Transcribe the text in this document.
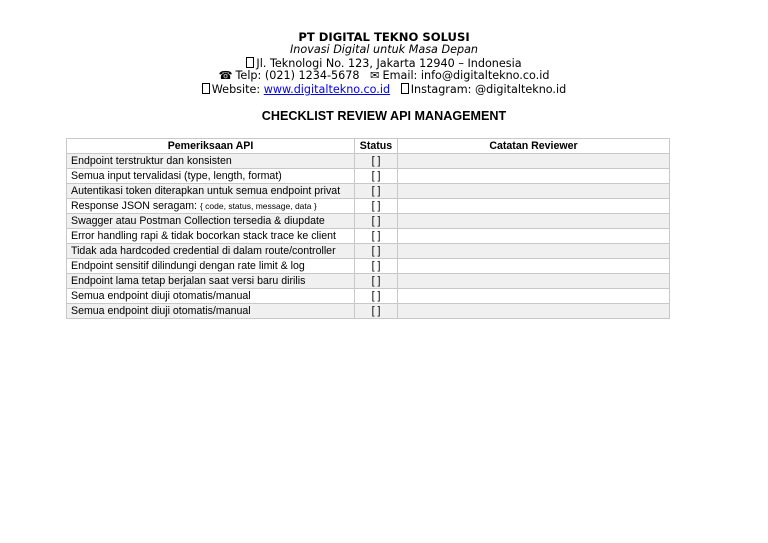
PT DIGITAL TEKNO SOLUSI
Inovasi Digital untuk Masa Depan
Jl. Teknologi No. 123, Jakarta 12940 – Indonesia
☎ Telp: (021) 1234-5678 ✉ Email: info@digitaltekno.co.id
Website: www.digitaltekno.co.id Instagram: @digitaltekno.id
CHECKLIST REVIEW API MANAGEMENT
Pemeriksaan API	Status	Catatan Reviewer
Endpoint terstruktur dan konsisten	[ ]	
Semua input tervalidasi (type, length, format)	[ ]	
Autentikasi token diterapkan untuk semua endpoint privat	[ ]	
Response JSON seragam: { code, status, message, data }	[ ]	
Swagger atau Postman Collection tersedia & diupdate	[ ]	
Error handling rapi & tidak bocorkan stack trace ke client	[ ]	
Tidak ada hardcoded credential di dalam route/controller	[ ]	
Endpoint sensitif dilindungi dengan rate limit & log	[ ]	
Endpoint lama tetap berjalan saat versi baru dirilis	[ ]	
Semua endpoint diuji otomatis/manual	[ ]	
Semua endpoint diuji otomatis/manual	[ ]	
